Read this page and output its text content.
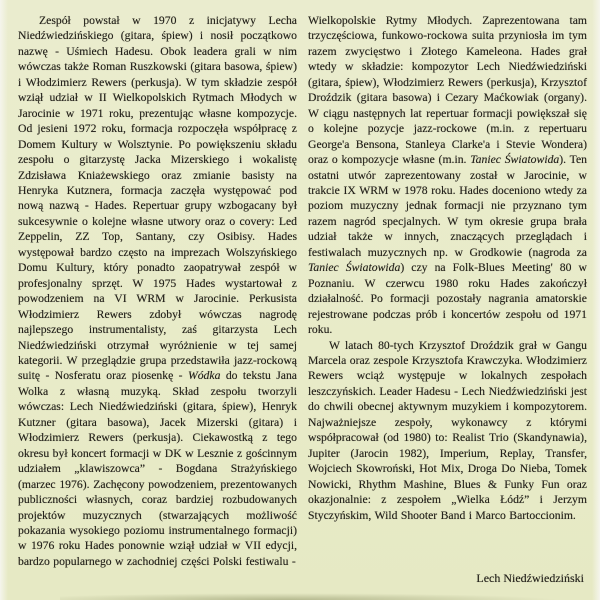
Zespół powstał w 1970 z inicjatywy Lecha Niedźwiedzińskiego (gitara, śpiew) i nosił początkowo nazwę - Uśmiech Hadesu. Obok leadera grali w nim wówczas także Roman Ruszkowski (gitara basowa, śpiew) i Włodzimierz Rewers (perkusja). W tym składzie zespół wziął udział w II Wielkopolskich Rytmach Młodych w Jarocinie w 1971 roku, prezentując własne kompozycje. Od jesieni 1972 roku, formacja rozpoczęła współpracę z Domem Kultury w Wolsztynie. Po powiększeniu składu zespołu o gitarzystę Jacka Mizerskiego i wokalistę Zdzisława Kniażewskiego oraz zmianie basisty na Henryka Kutznera, formacja zaczęła występować pod nową nazwą - Hades. Repertuar grupy wzbogacany był sukcesywnie o kolejne własne utwory oraz o covery: Led Zeppelin, ZZ Top, Santany, czy Osibisy. Hades występował bardzo często na imprezach Wolszyńskiego Domu Kultury, który ponadto zaopatrywał zespół w profesjonalny sprzęt. W 1975 Hades wystartował z powodzeniem na VI WRM w Jarocinie. Perkusista Włodzimierz Rewers zdobył wówczas nagrodę najlepszego instrumentalisty, zaś gitarzysta Lech Niedźwiedziński otrzymał wyróżnienie w tej samej kategorii. W przeglądzie grupa przedstawiła jazz-rockową suitę - Nosferatu oraz piosenkę - Wódka do tekstu Jana Wolka z własną muzyką. Skład zespołu tworzyli wówczas: Lech Niedźwiedziński (gitara, śpiew), Henryk Kutzner (gitara basowa), Jacek Mizerski (gitara) i Włodzimierz Rewers (perkusja). Ciekawostką z tego okresu był koncert formacji w DK w Lesznie z gościnnym udziałem „klawiszowca” - Bogdana Strażyńskiego (marzec 1976). Zachęcony powodzeniem, prezentowanych publiczności własnych, coraz bardziej rozbudowanych projektów muzycznych (stwarzających możliwość pokazania wysokiego poziomu instrumentalnego formacji) w 1976 roku Hades ponownie wziął udział w VII edycji, bardzo popularnego w zachodniej części Polski festiwalu -

Wielkopolskie Rytmy Młodych. Zaprezentowana tam trzyczęściowa, funkowo-rockowa suita przyniosła im tym razem zwycięstwo i Złotego Kameleona. Hades grał wtedy w składzie: kompozytor Lech Niedźwiedziński (gitara, śpiew), Włodzimierz Rewers (perkusja), Krzysztof Droździk (gitara basowa) i Cezary Maćkowiak (organy). W ciągu następnych lat repertuar formacji powiększał się o kolejne pozycje jazz-rockowe (m.in. z repertuaru George'a Bensona, Stanleya Clarke'a i Stevie Wondera) oraz o kompozycje własne (m.in. Taniec Światowida). Ten ostatni utwór zaprezentowany został w Jarocinie, w trakcie IX WRM w 1978 roku. Hades doceniono wtedy za poziom muzyczny jednak formacji nie przyznano tym razem nagród specjalnych. W tym okresie grupa brała udział także w innych, znaczących przeglądach i festiwalach muzycznych np. w Grodkowie (nagroda za Taniec Światowida) czy na Folk-Blues Meeting' 80 w Poznaniu. W czerwcu 1980 roku Hades zakończył działalność. Po formacji pozostały nagrania amatorskie rejestrowane podczas prób i koncertów zespołu od 1971 roku.

W latach 80-tych Krzysztof Droździk grał w Gangu Marcela oraz zespole Krzysztofa Krawczyka. Włodzimierz Rewers wciąż występuje w lokalnych zespołach leszczyńskich. Leader Hadesu - Lech Niedźwiedziński jest do chwili obecnej aktywnym muzykiem i kompozytorem. Najważniejsze zespoły, wykonawcy z którymi współpracował (od 1980) to: Realist Trio (Skandynawia), Jupiter (Jarocin 1982), Imperium, Replay, Transfer, Wojciech Skowroński, Hot Mix, Droga Do Nieba, Tomek Nowicki, Rhythm Mashine, Blues & Funky Fun oraz okazjonalnie: z zespołem „Wielka Łódź” i Jerzym Styczyńskim, Wild Shooter Band i Marco Bartoccionim.

Lech Niedźwiedziński
